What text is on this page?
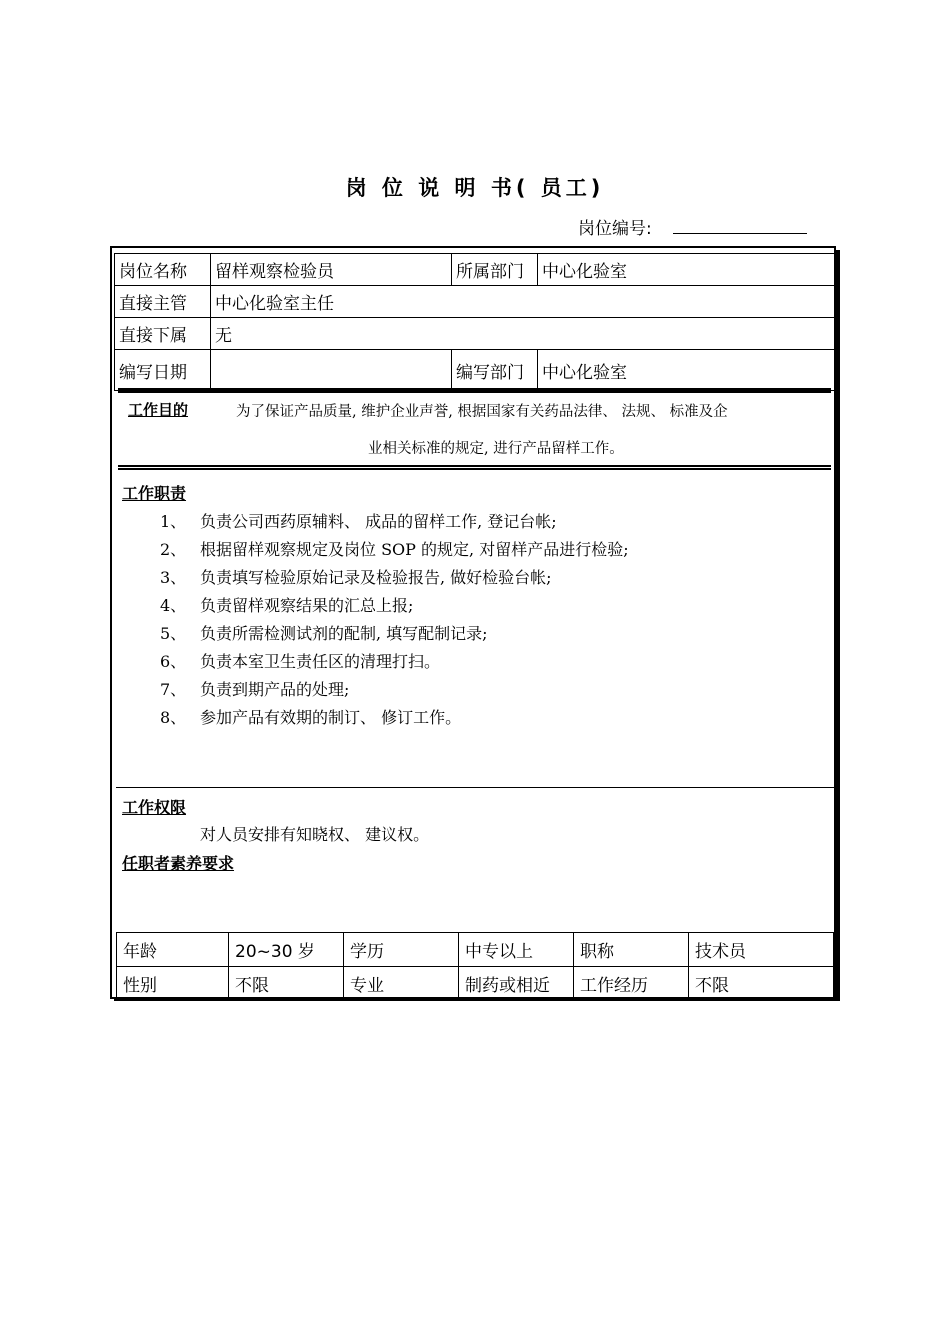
岗 位 说 明 书( 员工)
岗位编号:
岗位名称	留样观察检验员	所属部门	中心化验室
直接主管	中心化验室主任		
直接下属	无		
编写日期		编写部门	中心化验室
工作目的	为了保证产品质量, 维护企业声誉, 根据国家有关药品法律、 法规、 标准及企
业相关标准的规定, 进行产品留样工作。
工作职责
1、 负责公司西药原辅料、 成品的留样工作, 登记台帐;
2、 根据留样观察规定及岗位 SOP 的规定, 对留样产品进行检验;
3、 负责填写检验原始记录及检验报告, 做好检验台帐;
4、 负责留样观察结果的汇总上报;
5、 负责所需检测试剂的配制, 填写配制记录;
6、 负责本室卫生责任区的清理打扫。
7、 负责到期产品的处理;
8、 参加产品有效期的制订、 修订工作。
工作权限
对人员安排有知晓权、 建议权。
任职者素养要求
年龄	20~30 岁	学历	中专以上	职称	技术员
性别	不限	专业	制药或相近	工作经历	不限
